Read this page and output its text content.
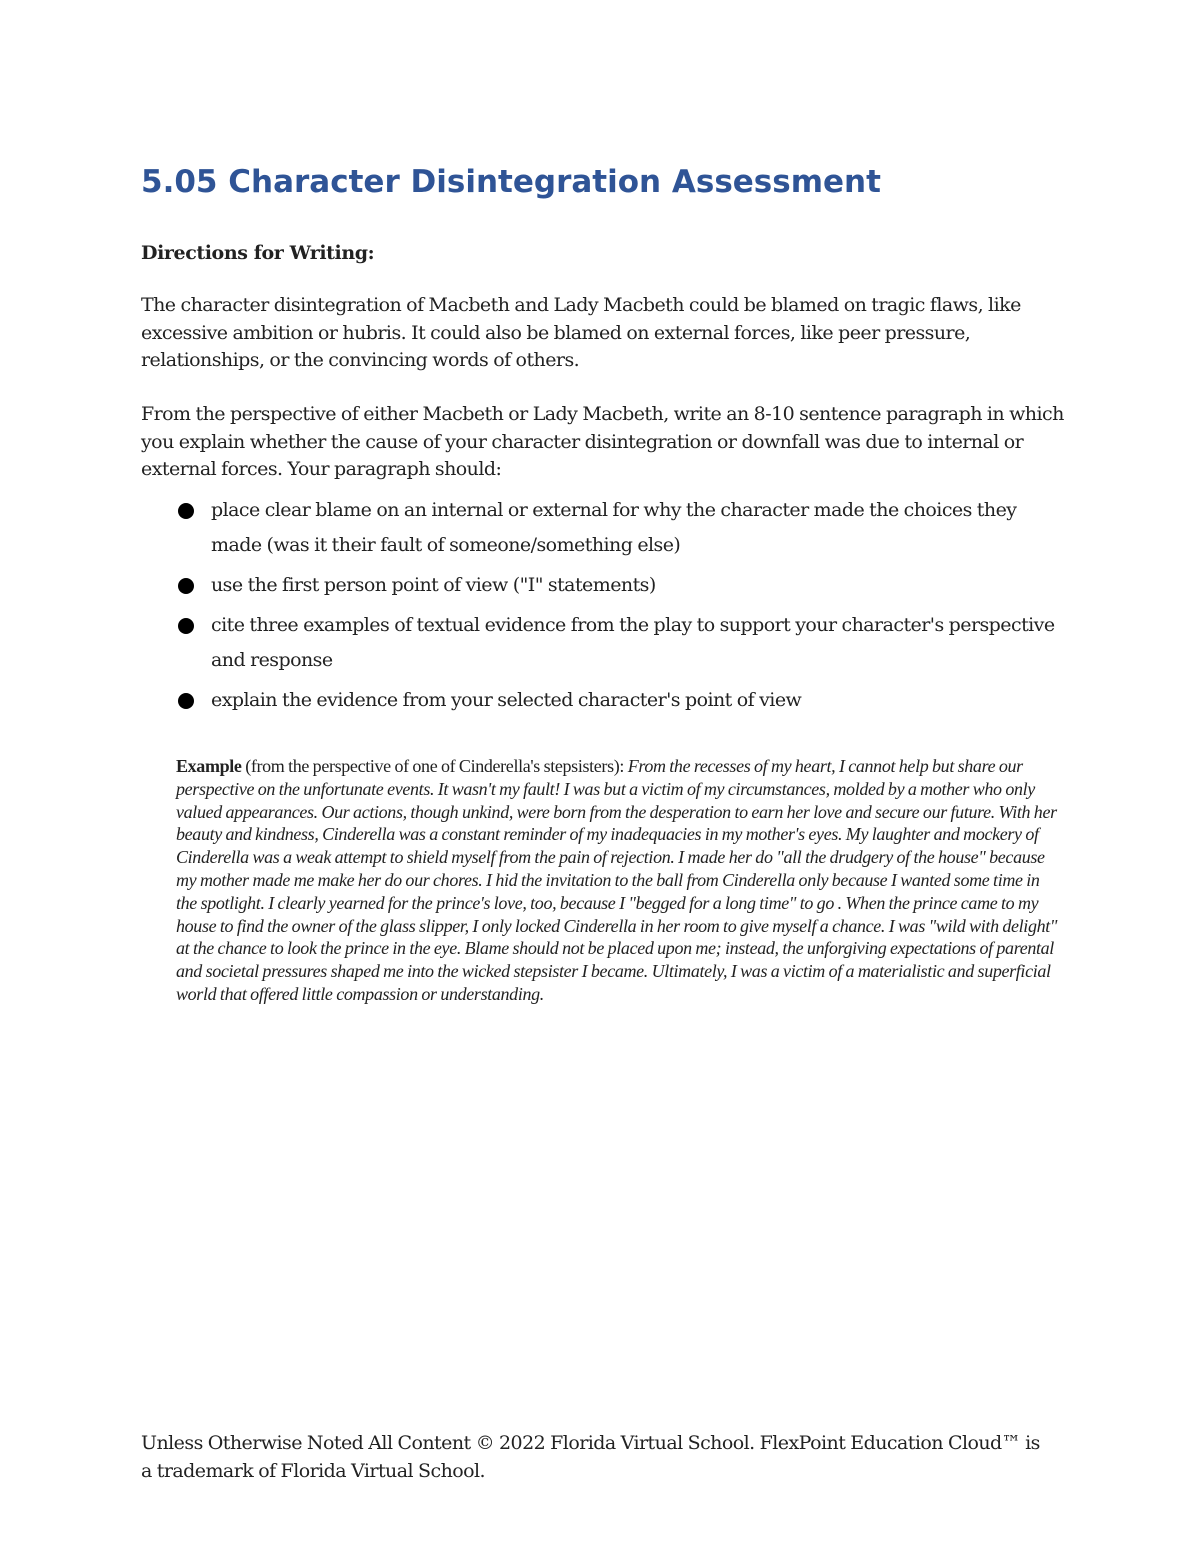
5.05 Character Disintegration Assessment

Directions for Writing:

The character disintegration of Macbeth and Lady Macbeth could be blamed on tragic flaws, like excessive ambition or hubris. It could also be blamed on external forces, like peer pressure, relationships, or the convincing words of others.

From the perspective of either Macbeth or Lady Macbeth, write an 8-10 sentence paragraph in which you explain whether the cause of your character disintegration or downfall was due to internal or external forces. Your paragraph should:

place clear blame on an internal or external for why the character made the choices they made (was it their fault of someone/something else)
use the first person point of view ("I" statements)
cite three examples of textual evidence from the play to support your character's perspective and response
explain the evidence from your selected character's point of view

Example (from the perspective of one of Cinderella's stepsisters): From the recesses of my heart, I cannot help but share our perspective on the unfortunate events. It wasn't my fault! I was but a victim of my circumstances, molded by a mother who only valued appearances. Our actions, though unkind, were born from the desperation to earn her love and secure our future. With her beauty and kindness, Cinderella was a constant reminder of my inadequacies in my mother's eyes. My laughter and mockery of Cinderella was a weak attempt to shield myself from the pain of rejection. I made her do "all the drudgery of the house" because my mother made me make her do our chores. I hid the invitation to the ball from Cinderella only because I wanted some time in the spotlight. I clearly yearned for the prince's love, too, because I "begged for a long time" to go . When the prince came to my house to find the owner of the glass slipper, I only locked Cinderella in her room to give myself a chance. I was "wild with delight" at the chance to look the prince in the eye. Blame should not be placed upon me; instead, the unforgiving expectations of parental and societal pressures shaped me into the wicked stepsister I became. Ultimately, I was a victim of a materialistic and superficial world that offered little compassion or understanding.

Unless Otherwise Noted All Content © 2022 Florida Virtual School. FlexPoint Education Cloud™ is a trademark of Florida Virtual School.
